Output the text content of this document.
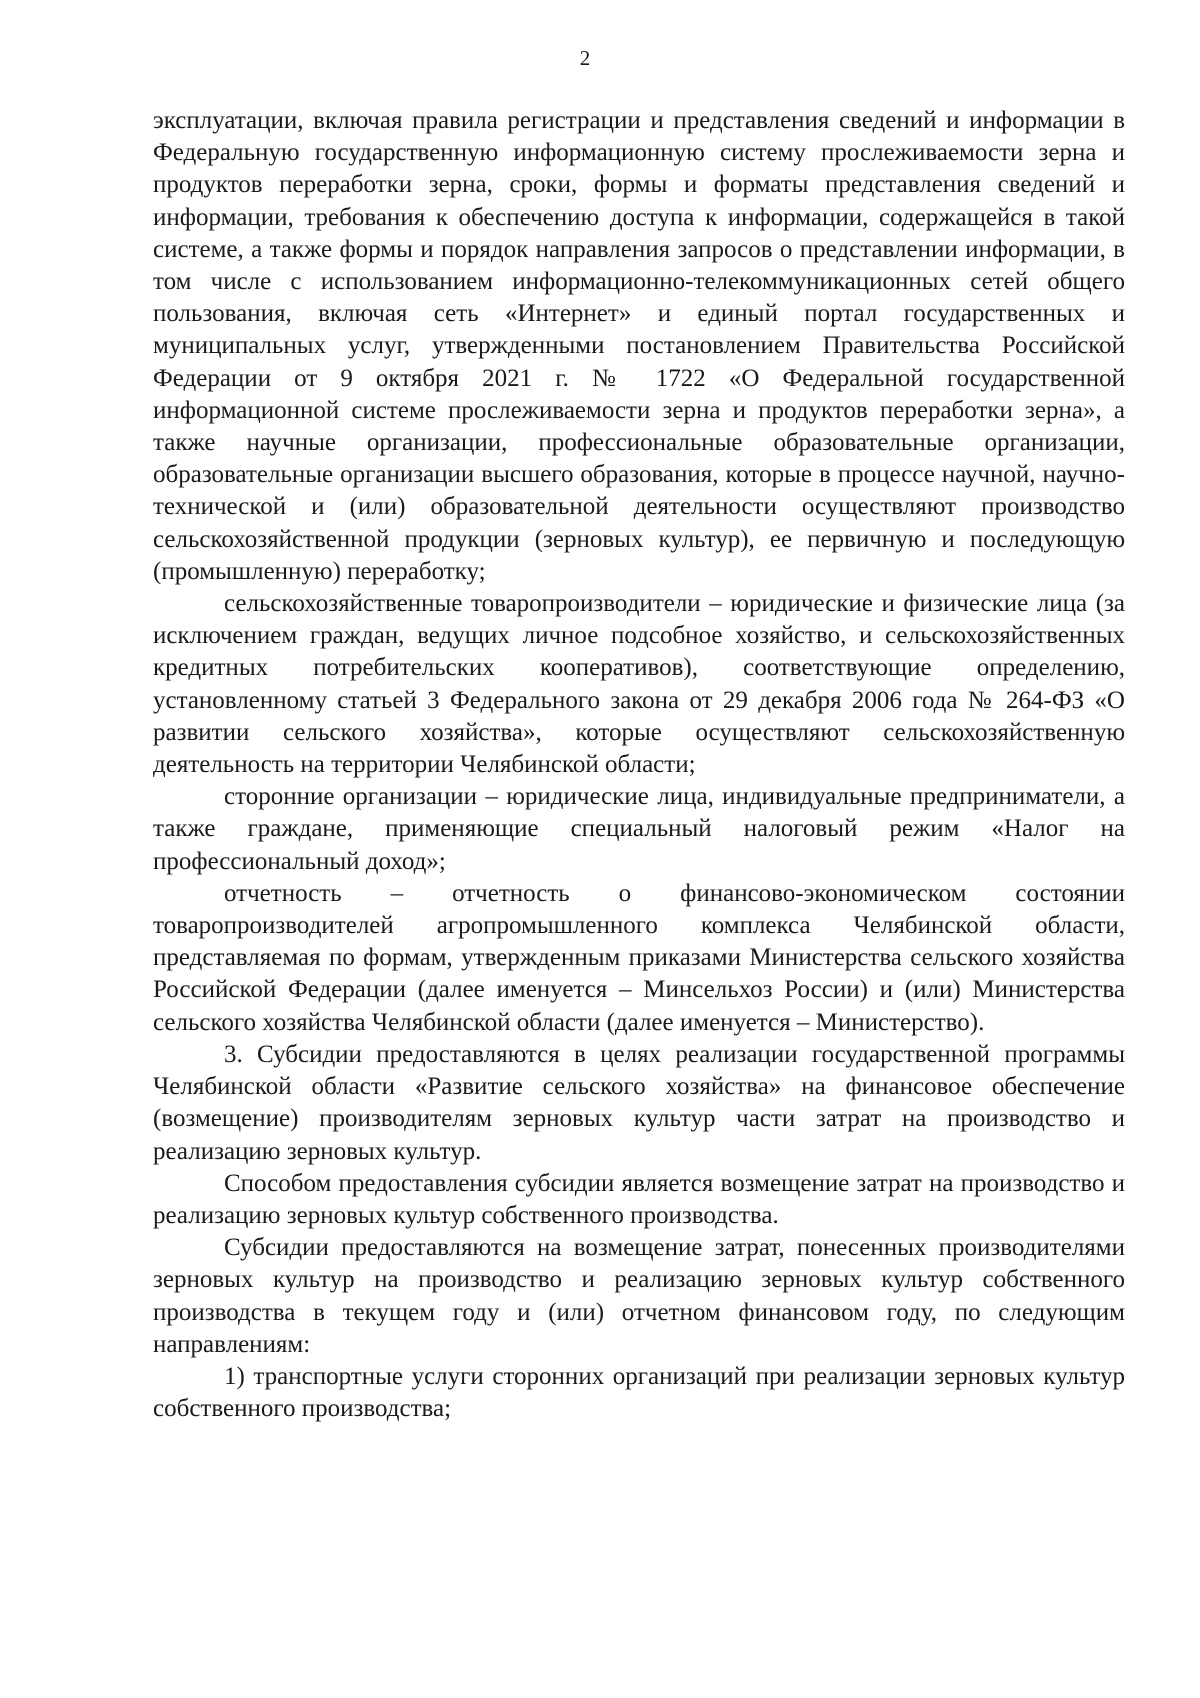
2

эксплуатации, включая правила регистрации и представления сведений и информации в Федеральную государственную информационную систему прослеживаемости зерна и продуктов переработки зерна, сроки, формы и форматы представления сведений и информации, требования к обеспечению доступа к информации, содержащейся в такой системе, а также формы и порядок направления запросов о представлении информации, в том числе с использованием информационно-телекоммуникационных сетей общего пользования, включая сеть «Интернет» и единый портал государственных и муниципальных услуг, утвержденными постановлением Правительства Российской Федерации от 9 октября 2021 г. № 1722 «О Федеральной государственной информационной системе прослеживаемости зерна и продуктов переработки зерна», а также научные организации, профессиональные образовательные организации, образовательные организации высшего образования, которые в процессе научной, научно-технической и (или) образовательной деятельности осуществляют производство сельскохозяйственной продукции (зерновых культур), ее первичную и последующую (промышленную) переработку;

сельскохозяйственные товаропроизводители – юридические и физические лица (за исключением граждан, ведущих личное подсобное хозяйство, и сельскохозяйственных кредитных потребительских кооперативов), соответствующие определению, установленному статьей 3 Федерального закона от 29 декабря 2006 года № 264-ФЗ «О развитии сельского хозяйства», которые осуществляют сельскохозяйственную деятельность на территории Челябинской области;

сторонние организации – юридические лица, индивидуальные предприниматели, а также граждане, применяющие специальный налоговый режим «Налог на профессиональный доход»;

отчетность – отчетность о финансово-экономическом состоянии товаропроизводителей агропромышленного комплекса Челябинской области, представляемая по формам, утвержденным приказами Министерства сельского хозяйства Российской Федерации (далее именуется – Минсельхоз России) и (или) Министерства сельского хозяйства Челябинской области (далее именуется – Министерство).

3. Субсидии предоставляются в целях реализации государственной программы Челябинской области «Развитие сельского хозяйства» на финансовое обеспечение (возмещение) производителям зерновых культур части затрат на производство и реализацию зерновых культур.

Способом предоставления субсидии является возмещение затрат на производство и реализацию зерновых культур собственного производства.

Субсидии предоставляются на возмещение затрат, понесенных производителями зерновых культур на производство и реализацию зерновых культур собственного производства в текущем году и (или) отчетном финансовом году, по следующим направлениям:

1) транспортные услуги сторонних организаций при реализации зерновых культур собственного производства;
